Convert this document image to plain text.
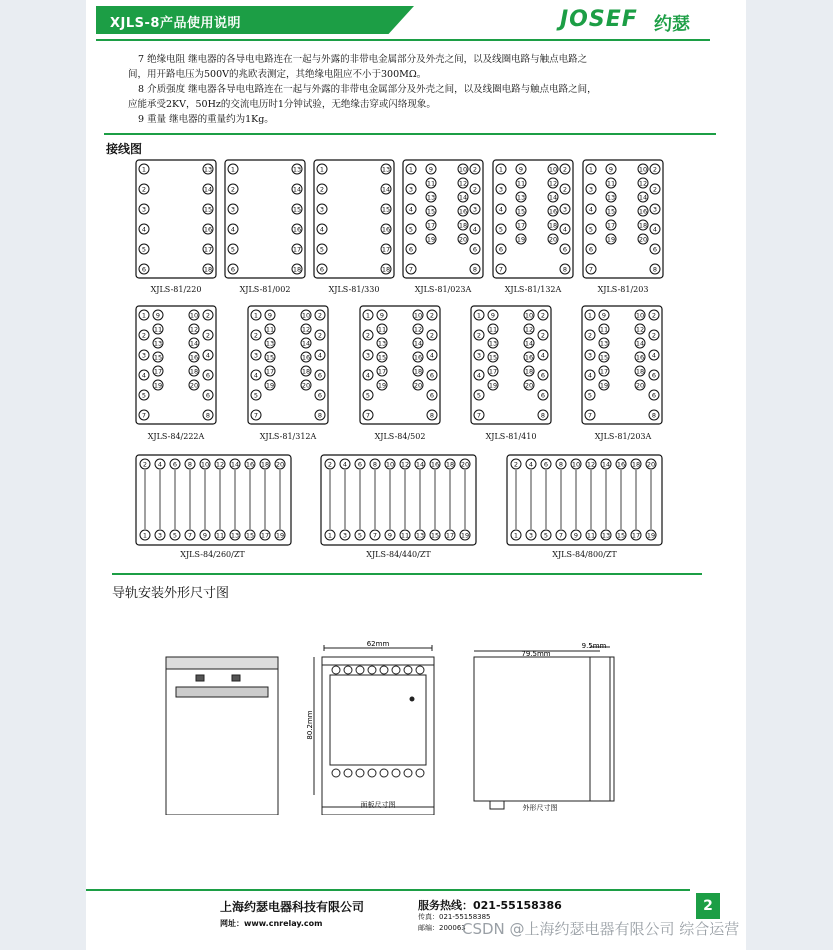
XJLS-8产品使用说明	JOSEF 约瑟
7 绝缘电阻 继电器的各导电电路连在一起与外露的非带电金属部分及外壳之间，以及线圈电路与触点电路之
间，用开路电压为500V的兆欧表测定，其绝缘电阻应不小于300MΩ。
8 介质强度 继电器各导电电路连在一起与外露的非带电金属部分及外壳之间，以及线圈电路与触点电路之间，
应能承受2KV，50Hz的交流电历时1分钟试验，无绝缘击穿或闪络现象。
9 重量 继电器的重量约为1Kg。
接线图
1
2
3
4
5
6
13
14
15
16
17
18
1
2
3
4
5
6
13
14
15
16
17
18
1
2
3
4
5
6
13
14
15
16
17
18
1
3
4
5
6
7
9
11
13
15
17
19
10
12
14
16
18
20
2
2
3
4
6
8
1
3
4
5
6
7
9
11
13
15
17
19
10
12
14
16
18
20
2
2
3
4
6
8
1
3
4
5
6
7
9
11
13
15
17
19
10
12
14
16
18
20
2
2
3
4
6
8
1
2
3
4
5
7
9
11
13
15
17
19
10
12
14
16
18
20
2
2
4
6
6
8
1
2
3
4
5
7
9
11
13
15
17
19
10
12
14
16
18
20
2
2
4
6
6
8
1
2
3
4
5
7
9
11
13
15
17
19
10
12
14
16
18
20
2
2
4
6
6
8
1
2
3
4
5
7
9
11
13
15
17
19
10
12
14
16
18
20
2
2
4
6
6
8
1
2
3
4
5
7
9
11
13
15
17
19
10
12
14
16
18
20
2
2
4
6
6
8
2 4 6 8 10 12 14 16 18 20
1 3 5 7 9 11 13 15 17 19
2 4 6 8 10 12 14 16 18 20
1 3 5 7 9 11 13 15 17 19
2 4 6 8 10 12 14 16 18 20
1 3 5 7 9 11 13 15 17 19
XJLS-81/220	XJLS-81/002	XJLS-81/330	XJLS-81/023A	XJLS-81/132A	XJLS-81/203
XJLS-84/222A	XJLS-81/312A	XJLS-84/502	XJLS-81/410	XJLS-81/203A
XJLS-84/260/ZT	XJLS-84/440/ZT	XJLS-84/800/ZT
导轨安装外形尺寸图
62mm
80.2mm
面板尺寸图
79.5mm
9.5mm
外形尺寸图
上海约瑟电器科技有限公司
网址：www.cnrelay.com
服务热线：021-55158386
传真：021-55158385
邮编：200063
2
CSDN @上海约瑟电器有限公司 综合运营
